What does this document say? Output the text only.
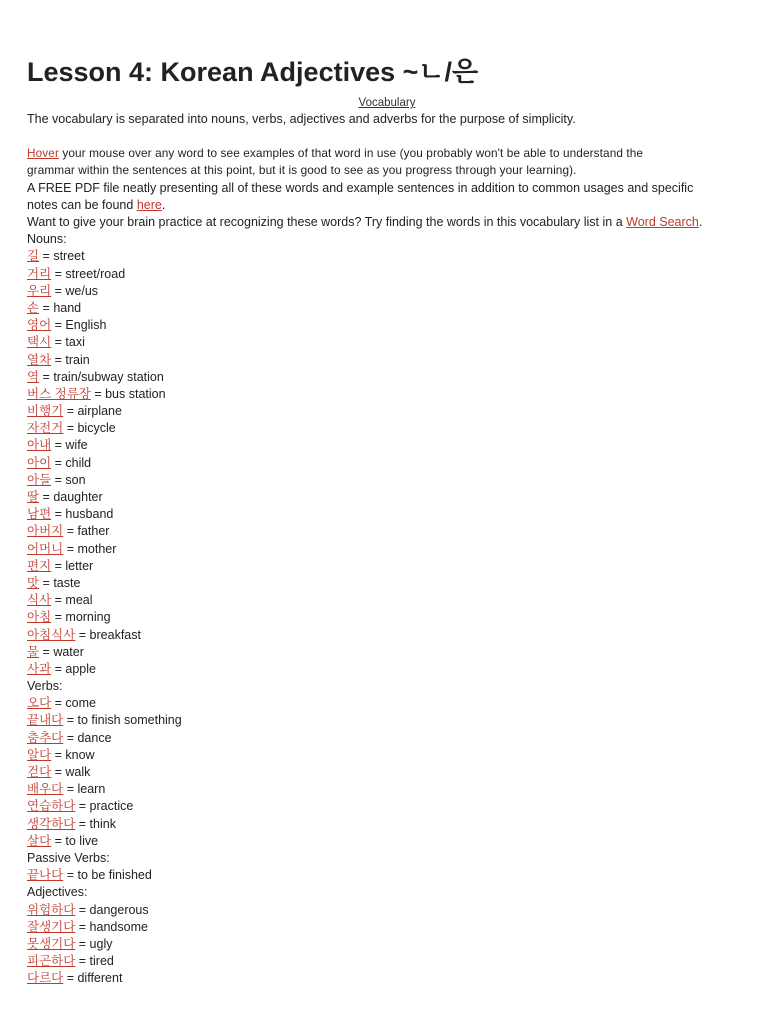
Lesson 4: Korean Adjectives ~ㄴ/은
Vocabulary
The vocabulary is separated into nouns, verbs, adjectives and adverbs for the purpose of simplicity.
Hover your mouse over any word to see examples of that word in use (you probably won't be able to understand the
grammar within the sentences at this point, but it is good to see as you progress through your learning).
A FREE PDF file neatly presenting all of these words and example sentences in addition to common usages and specific
notes can be found here.
Want to give your brain practice at recognizing these words? Try finding the words in this vocabulary list in a Word Search.
Nouns:
길 = street
거리 = street/road
우리 = we/us
손 = hand
영어 = English
택시 = taxi
열차 = train
역 = train/subway station
버스 정류장 = bus station
비행기 = airplane
자전거 = bicycle
아내 = wife
아이 = child
아들 = son
딸 = daughter
남편 = husband
아버지 = father
어머니 = mother
편지 = letter
맛 = taste
식사 = meal
아침 = morning
아침식사 = breakfast
물 = water
사과 = apple
Verbs:
오다 = come
끝내다 = to finish something
춤추다 = dance
알다 = know
걷다 = walk
배우다 = learn
연습하다 = practice
생각하다 = think
살다 = to live
Passive Verbs:
끝나다 = to be finished
Adjectives:
위험하다 = dangerous
잘생기다 = handsome
못생기다 = ugly
피곤하다 = tired
다르다 = different
